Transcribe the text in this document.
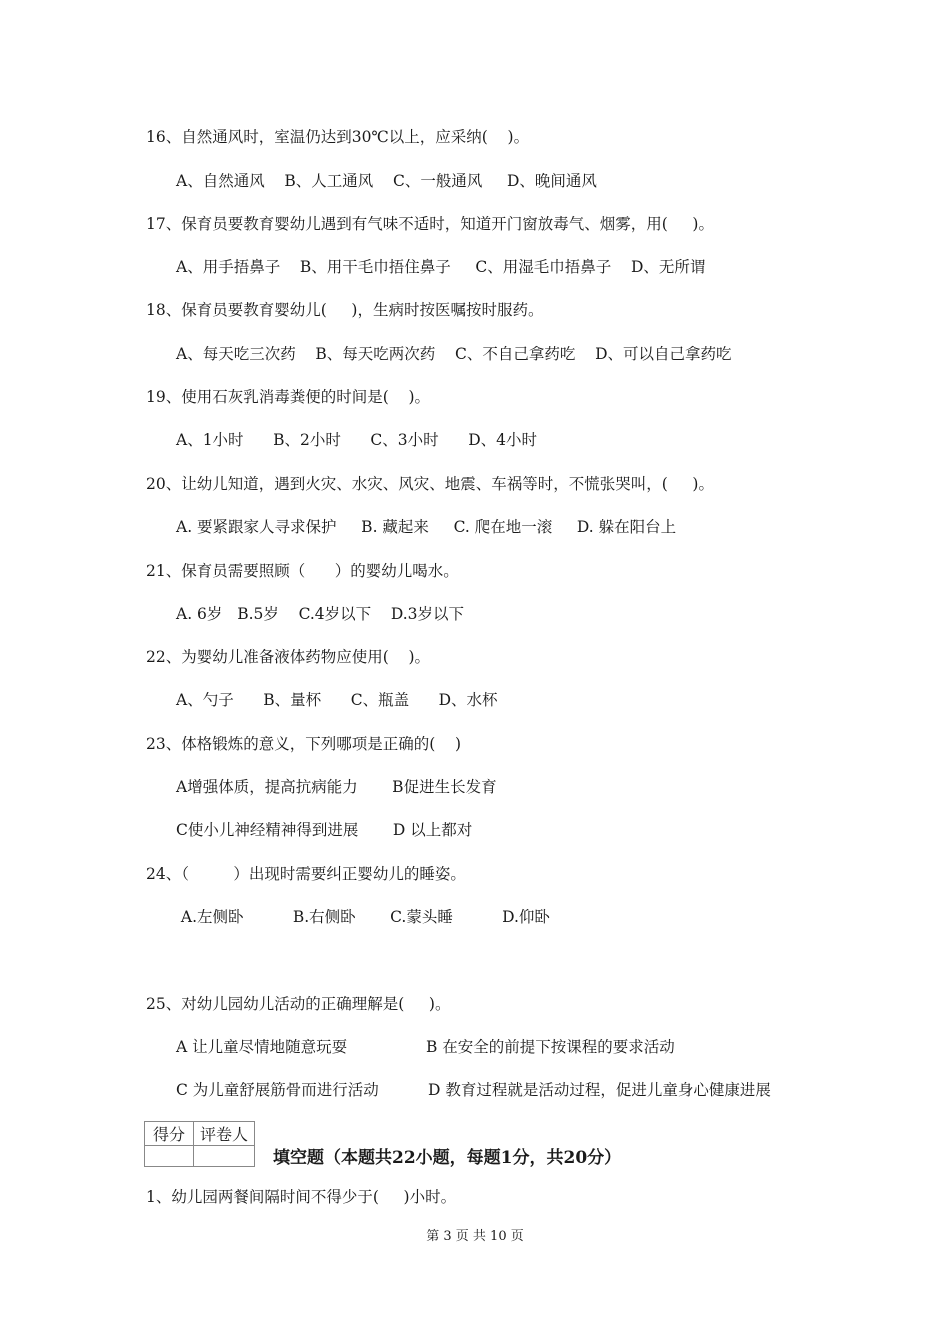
16、自然通风时，室温仍达到30℃以上，应采纳(    )。
A、自然通风    B、人工通风    C、一般通风     D、晚间通风
17、保育员要教育婴幼儿遇到有气味不适时，知道开门窗放毒气、烟雾，用(     )。
A、用手捂鼻子    B、用干毛巾捂住鼻子     C、用湿毛巾捂鼻子    D、无所谓
18、保育员要教育婴幼儿(     )，生病时按医嘱按时服药。
A、每天吃三次药    B、每天吃两次药    C、不自己拿药吃    D、可以自己拿药吃
19、使用石灰乳消毒粪便的时间是(    )。
A、1小时      B、2小时      C、3小时      D、4小时
20、让幼儿知道，遇到火灾、水灾、风灾、地震、车祸等时，不慌张哭叫，(     )。
A. 要紧跟家人寻求保护     B. 藏起来     C. 爬在地一滚     D. 躲在阳台上
21、保育员需要照顾（      ）的婴幼儿喝水。
A. 6岁   B.5岁    C.4岁以下    D.3岁以下
22、为婴幼儿准备液体药物应使用(    )。
A、勺子      B、量杯      C、瓶盖      D、水杯
23、体格锻炼的意义，下列哪项是正确的(    )
A增强体质，提高抗病能力       B促进生长发育
C使小儿神经精神得到进展       D 以上都对
24、（         ）出现时需要纠正婴幼儿的睡姿。
A.左侧卧          B.右侧卧       C.蒙头睡          D.仰卧
25、对幼儿园幼儿活动的正确理解是(     )。
A 让儿童尽情地随意玩耍                B 在安全的前提下按课程的要求活动
C 为儿童舒展筋骨而进行活动          D 教育过程就是活动过程，促进儿童身心健康进展
得分	评卷人

填空题（本题共22小题，每题1分，共20分）
1、幼儿园两餐间隔时间不得少于(     )小时。
第 3 页 共 10 页
